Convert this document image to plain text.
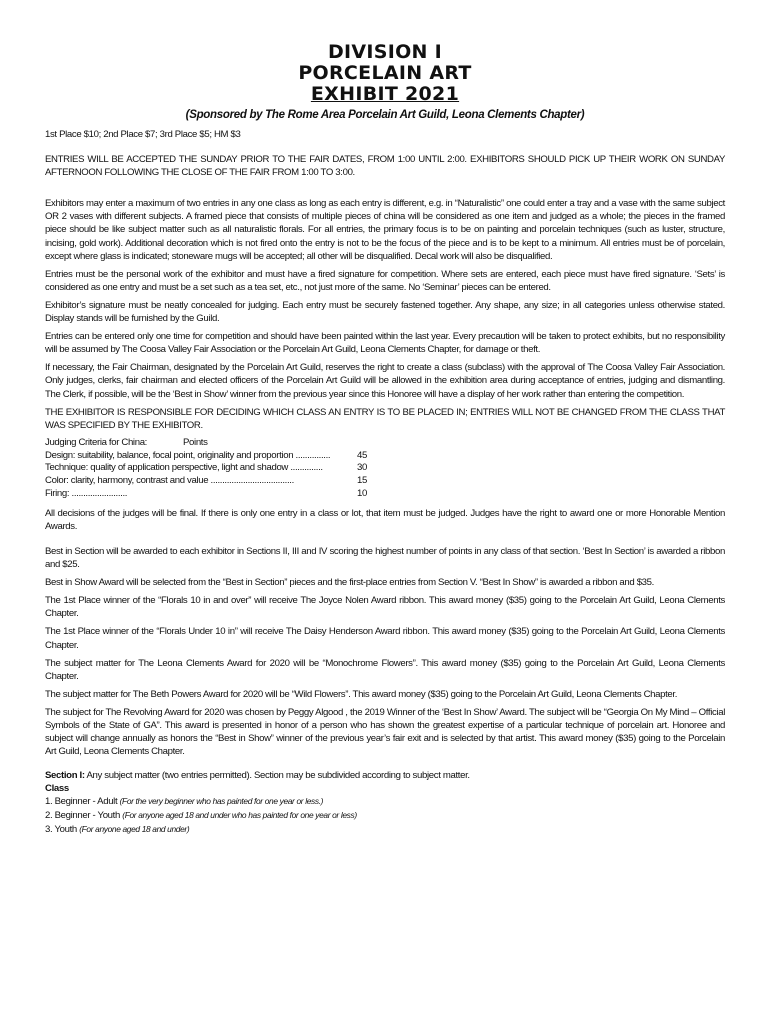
DIVISION I
PORCELAIN ART
EXHIBIT 2021
(Sponsored by The Rome Area Porcelain Art Guild, Leona Clements Chapter)

1st Place $10; 2nd Place $7; 3rd Place $5; HM $3

ENTRIES WILL BE ACCEPTED THE SUNDAY PRIOR TO THE FAIR DATES, FROM 1:00 UNTIL 2:00. EXHIBITORS SHOULD PICK UP THEIR WORK ON SUNDAY AFTERNOON FOLLOWING THE CLOSE OF THE FAIR FROM 1:00 TO 3:00.

Exhibitors may enter a maximum of two entries in any one class as long as each entry is different, e.g. in “Naturalistic” one could enter a tray and a vase with the same subject OR 2 vases with different subjects. A framed piece that consists of multiple pieces of china will be considered as one item and judged as a whole; the pieces in the framed piece should be like subject matter such as all naturalistic florals. For all entries, the primary focus is to be on painting and porcelain techniques (such as luster, structure, incising, gold work). Additional decoration which is not fired onto the entry is not to be the focus of the piece and is to be kept to a minimum. All entries must be of porcelain, except where glass is indicated; stoneware mugs will be accepted; all other will be disqualified. Decal work will also be disqualified.

Entries must be the personal work of the exhibitor and must have a fired signature for competition. Where sets are entered, each piece must have fired signature. ‘Sets’ is considered as one entry and must be a set such as a tea set, etc., not just more of the same. No ‘Seminar’ pieces can be entered.

Exhibitor’s signature must be neatly concealed for judging. Each entry must be securely fastened together. Any shape, any size; in all categories unless otherwise stated. Display stands will be furnished by the Guild.

Entries can be entered only one time for competition and should have been painted within the last year. Every precaution will be taken to protect exhibits, but no responsibility will be assumed by The Coosa Valley Fair Association or the Porcelain Art Guild, Leona Clements Chapter, for damage or theft.

If necessary, the Fair Chairman, designated by the Porcelain Art Guild, reserves the right to create a class (subclass) with the approval of The Coosa Valley Fair Association. Only judges, clerks, fair chairman and elected officers of the Porcelain Art Guild will be allowed in the exhibition area during acceptance of entries, judging and dismantling. The Clerk, if possible, will be the ‘Best in Show’ winner from the previous year since this Honoree will have a display of her work rather than entering the competition.

THE EXHIBITOR IS RESPONSIBLE FOR DECIDING WHICH CLASS AN ENTRY IS TO BE PLACED IN; ENTRIES WILL NOT BE CHANGED FROM THE CLASS THAT WAS SPECIFIED BY THE EXHIBITOR.

Judging Criteria for China:	Points
Design: suitability, balance, focal point, originality and proportion ...............	45
Technique: quality of application perspective, light and shadow ..............	30
Color: clarity, harmony, contrast and value ....................................	15
Firing: ........................	10

All decisions of the judges will be final. If there is only one entry in a class or lot, that item must be judged. Judges have the right to award one or more Honorable Mention Awards.

Best in Section will be awarded to each exhibitor in Sections II, III and IV scoring the highest number of points in any class of that section. ‘Best In Section’ is awarded a ribbon and $25.

Best in Show Award will be selected from the “Best in Section” pieces and the first-place entries from Section V. “Best In Show” is awarded a ribbon and $35.

The 1st Place winner of the “Florals 10 in and over” will receive The Joyce Nolen Award ribbon. This award money ($35) going to the Porcelain Art Guild, Leona Clements Chapter.

The 1st Place winner of the “Florals Under 10 in” will receive The Daisy Henderson Award ribbon. This award money ($35) going to the Porcelain Art Guild, Leona Clements Chapter.

The subject matter for The Leona Clements Award for 2020 will be “Monochrome Flowers”. This award money ($35) going to the Porcelain Art Guild, Leona Clements Chapter.

The subject matter for The Beth Powers Award for 2020 will be “Wild Flowers”. This award money ($35) going to the Porcelain Art Guild, Leona Clements Chapter.

The subject for The Revolving Award for 2020 was chosen by Peggy Algood , the 2019 Winner of the ‘Best In Show’ Award. The subject will be “Georgia On My Mind – Official Symbols of the State of GA”. This award is presented in honor of a person who has shown the greatest expertise of a particular technique of porcelain art. Honoree and subject will change annually as honors the “Best in Show” winner of the previous year’s fair exit and is selected by that artist. This award money ($35) going to the Porcelain Art Guild, Leona Clements Chapter.

Section I: Any subject matter (two entries permitted). Section may be subdivided according to subject matter.
Class
1. Beginner - Adult (For the very beginner who has painted for one year or less.)
2. Beginner - Youth (For anyone aged 18 and under who has painted for one year or less)
3. Youth (For anyone aged 18 and under)
